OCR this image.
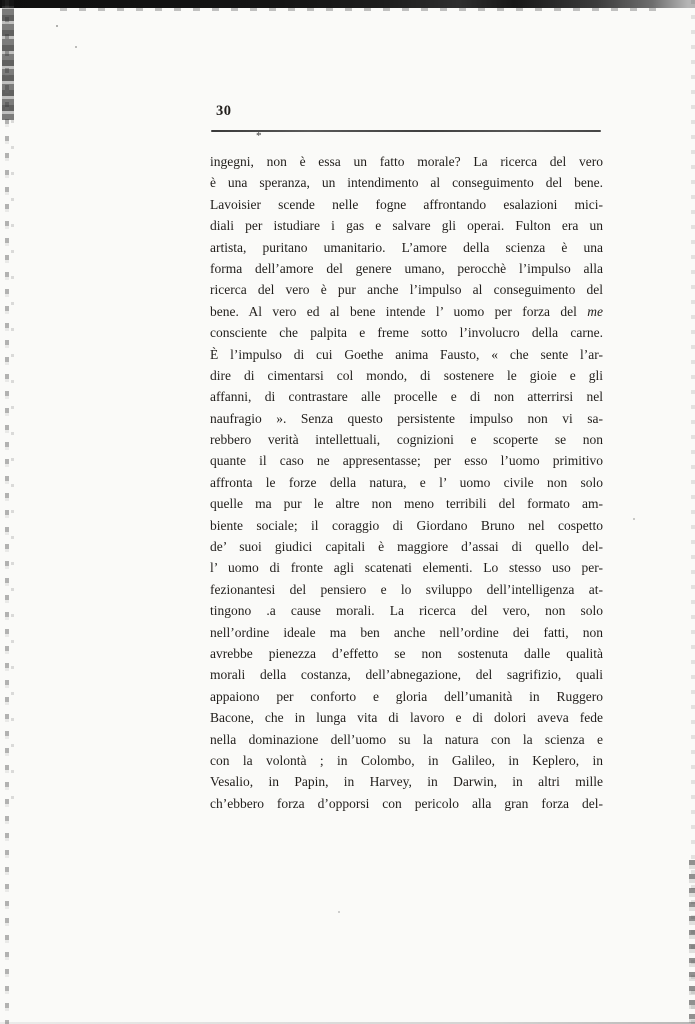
30
*
ingegni, non è essa un fatto morale? La ricerca del vero
è una speranza, un intendimento al conseguimento del bene.
Lavoisier scende nelle fogne affrontando esalazioni mici-
diali per istudiare i gas e salvare gli operai. Fulton era un
artista, puritano umanitario. L’amore della scienza è una
forma dell’amore del genere umano, perocchè l’impulso alla
ricerca del vero è pur anche l’impulso al conseguimento del
bene. Al vero ed al bene intende l’ uomo per forza del me
consciente che palpita e freme sotto l’involucro della carne.
È l’impulso di cui Goethe anima Fausto, « che sente l’ar-
dire di cimentarsi col mondo, di sostenere le gioie e gli
affanni, di contrastare alle procelle e di non atterrirsi nel
naufragio ». Senza questo persistente impulso non vi sa-
rebbero verità intellettuali, cognizioni e scoperte se non
quante il caso ne appresentasse; per esso l’uomo primitivo
affronta le forze della natura, e l’ uomo civile non solo
quelle ma pur le altre non meno terribili del formato am-
biente sociale; il coraggio di Giordano Bruno nel cospetto
de’ suoi giudici capitali è maggiore d’assai di quello del-
l’ uomo di fronte agli scatenati elementi. Lo stesso uso per-
fezionantesi del pensiero e lo sviluppo dell’intelligenza at-
tingono .a cause morali. La ricerca del vero, non solo
nell’ordine ideale ma ben anche nell’ordine dei fatti, non
avrebbe pienezza d’effetto se non sostenuta dalle qualità
morali della costanza, dell’abnegazione, del sagrifizio, quali
appaiono per conforto e gloria dell’umanità in Ruggero
Bacone, che in lunga vita di lavoro e di dolori aveva fede
nella dominazione dell’uomo su la natura con la scienza e
con la volontà ; in Colombo, in Galileo, in Keplero, in
Vesalio, in Papin, in Harvey, in Darwin, in altri mille
ch’ebbero forza d’opporsi con pericolo alla gran forza del-
